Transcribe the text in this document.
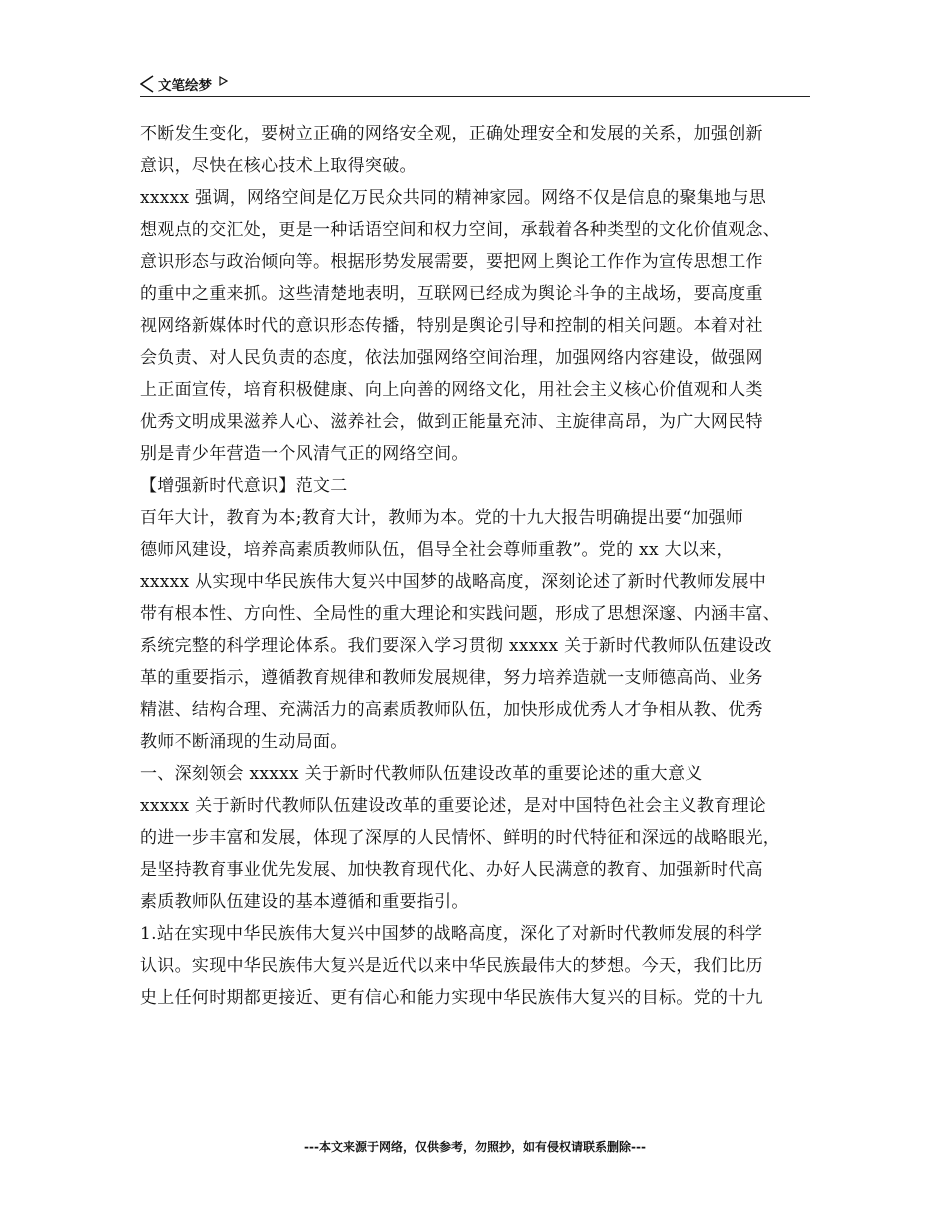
文笔绘梦
不断发生变化，要树立正确的网络安全观，正确处理安全和发展的关系，加强创新
意识，尽快在核心技术上取得突破。
xxxxx 强调，网络空间是亿万民众共同的精神家园。网络不仅是信息的聚集地与思
想观点的交汇处，更是一种话语空间和权力空间，承载着各种类型的文化价值观念、
意识形态与政治倾向等。根据形势发展需要，要把网上舆论工作作为宣传思想工作
的重中之重来抓。这些清楚地表明，互联网已经成为舆论斗争的主战场，要高度重
视网络新媒体时代的意识形态传播，特别是舆论引导和控制的相关问题。本着对社
会负责、对人民负责的态度，依法加强网络空间治理，加强网络内容建设，做强网
上正面宣传，培育积极健康、向上向善的网络文化，用社会主义核心价值观和人类
优秀文明成果滋养人心、滋养社会，做到正能量充沛、主旋律高昂，为广大网民特
别是青少年营造一个风清气正的网络空间。
【增强新时代意识】范文二
百年大计，教育为本;教育大计，教师为本。党的十九大报告明确提出要“加强师
德师风建设，培养高素质教师队伍，倡导全社会尊师重教”。党的 xx 大以来，
xxxxx 从实现中华民族伟大复兴中国梦的战略高度，深刻论述了新时代教师发展中
带有根本性、方向性、全局性的重大理论和实践问题，形成了思想深邃、内涵丰富、
系统完整的科学理论体系。我们要深入学习贯彻 xxxxx 关于新时代教师队伍建设改
革的重要指示，遵循教育规律和教师发展规律，努力培养造就一支师德高尚、业务
精湛、结构合理、充满活力的高素质教师队伍，加快形成优秀人才争相从教、优秀
教师不断涌现的生动局面。
一、深刻领会 xxxxx 关于新时代教师队伍建设改革的重要论述的重大意义
xxxxx 关于新时代教师队伍建设改革的重要论述，是对中国特色社会主义教育理论
的进一步丰富和发展，体现了深厚的人民情怀、鲜明的时代特征和深远的战略眼光，
是坚持教育事业优先发展、加快教育现代化、办好人民满意的教育、加强新时代高
素质教师队伍建设的基本遵循和重要指引。
1.站在实现中华民族伟大复兴中国梦的战略高度，深化了对新时代教师发展的科学
认识。实现中华民族伟大复兴是近代以来中华民族最伟大的梦想。今天，我们比历
史上任何时期都更接近、更有信心和能力实现中华民族伟大复兴的目标。党的十九
---本文来源于网络，仅供参考，勿照抄，如有侵权请联系删除---
